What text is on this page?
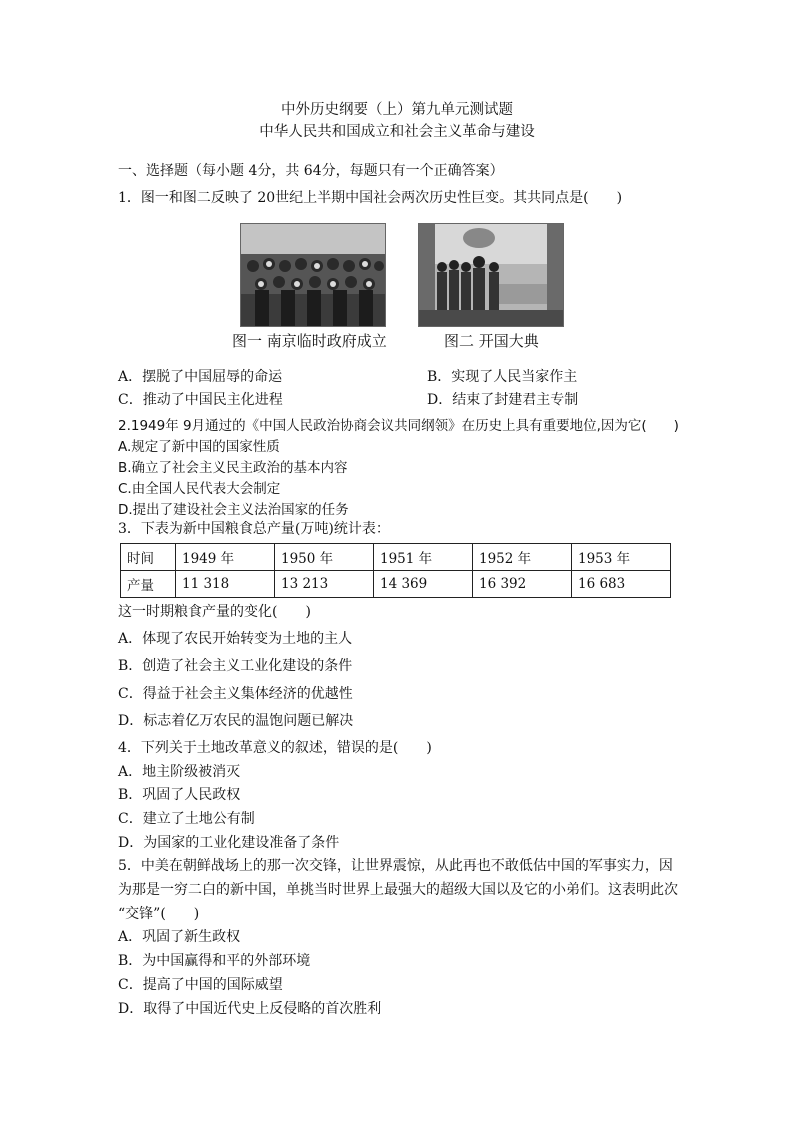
中外历史纲要（上）第九单元测试题
中华人民共和国成立和社会主义革命与建设
一、选择题（每小题 4分，共 64分，每题只有一个正确答案）
1．图一和图二反映了 20世纪上半期中国社会两次历史性巨变。其共同点是(　　)
图一 南京临时政府成立	图二 开国大典
A．摆脱了中国屈辱的命运	B．实现了人民当家作主
C．推动了中国民主化进程	D．结束了封建君主专制
2.1949年 9月通过的《中国人民政治协商会议共同纲领》在历史上具有重要地位,因为它(　　)
A.规定了新中国的国家性质
B.确立了社会主义民主政治的基本内容
C.由全国人民代表大会制定
D.提出了建设社会主义法治国家的任务
3．下表为新中国粮食总产量(万吨)统计表：
时间	1949 年	1950 年	1951 年	1952 年	1953 年
产量	11 318	13 213	14 369	16 392	16 683
这一时期粮食产量的变化(　　)
A．体现了农民开始转变为土地的主人
B．创造了社会主义工业化建设的条件
C．得益于社会主义集体经济的优越性
D．标志着亿万农民的温饱问题已解决
4．下列关于土地改革意义的叙述，错误的是(　　)
A．地主阶级被消灭
B．巩固了人民政权
C．建立了土地公有制
D．为国家的工业化建设准备了条件
5．中美在朝鲜战场上的那一次交锋，让世界震惊，从此再也不敢低估中国的军事实力，因
为那是一穷二白的新中国，单挑当时世界上最强大的超级大国以及它的小弟们。这表明此次
“交锋”(　　)
A．巩固了新生政权
B．为中国赢得和平的外部环境
C．提高了中国的国际威望
D．取得了中国近代史上反侵略的首次胜利
